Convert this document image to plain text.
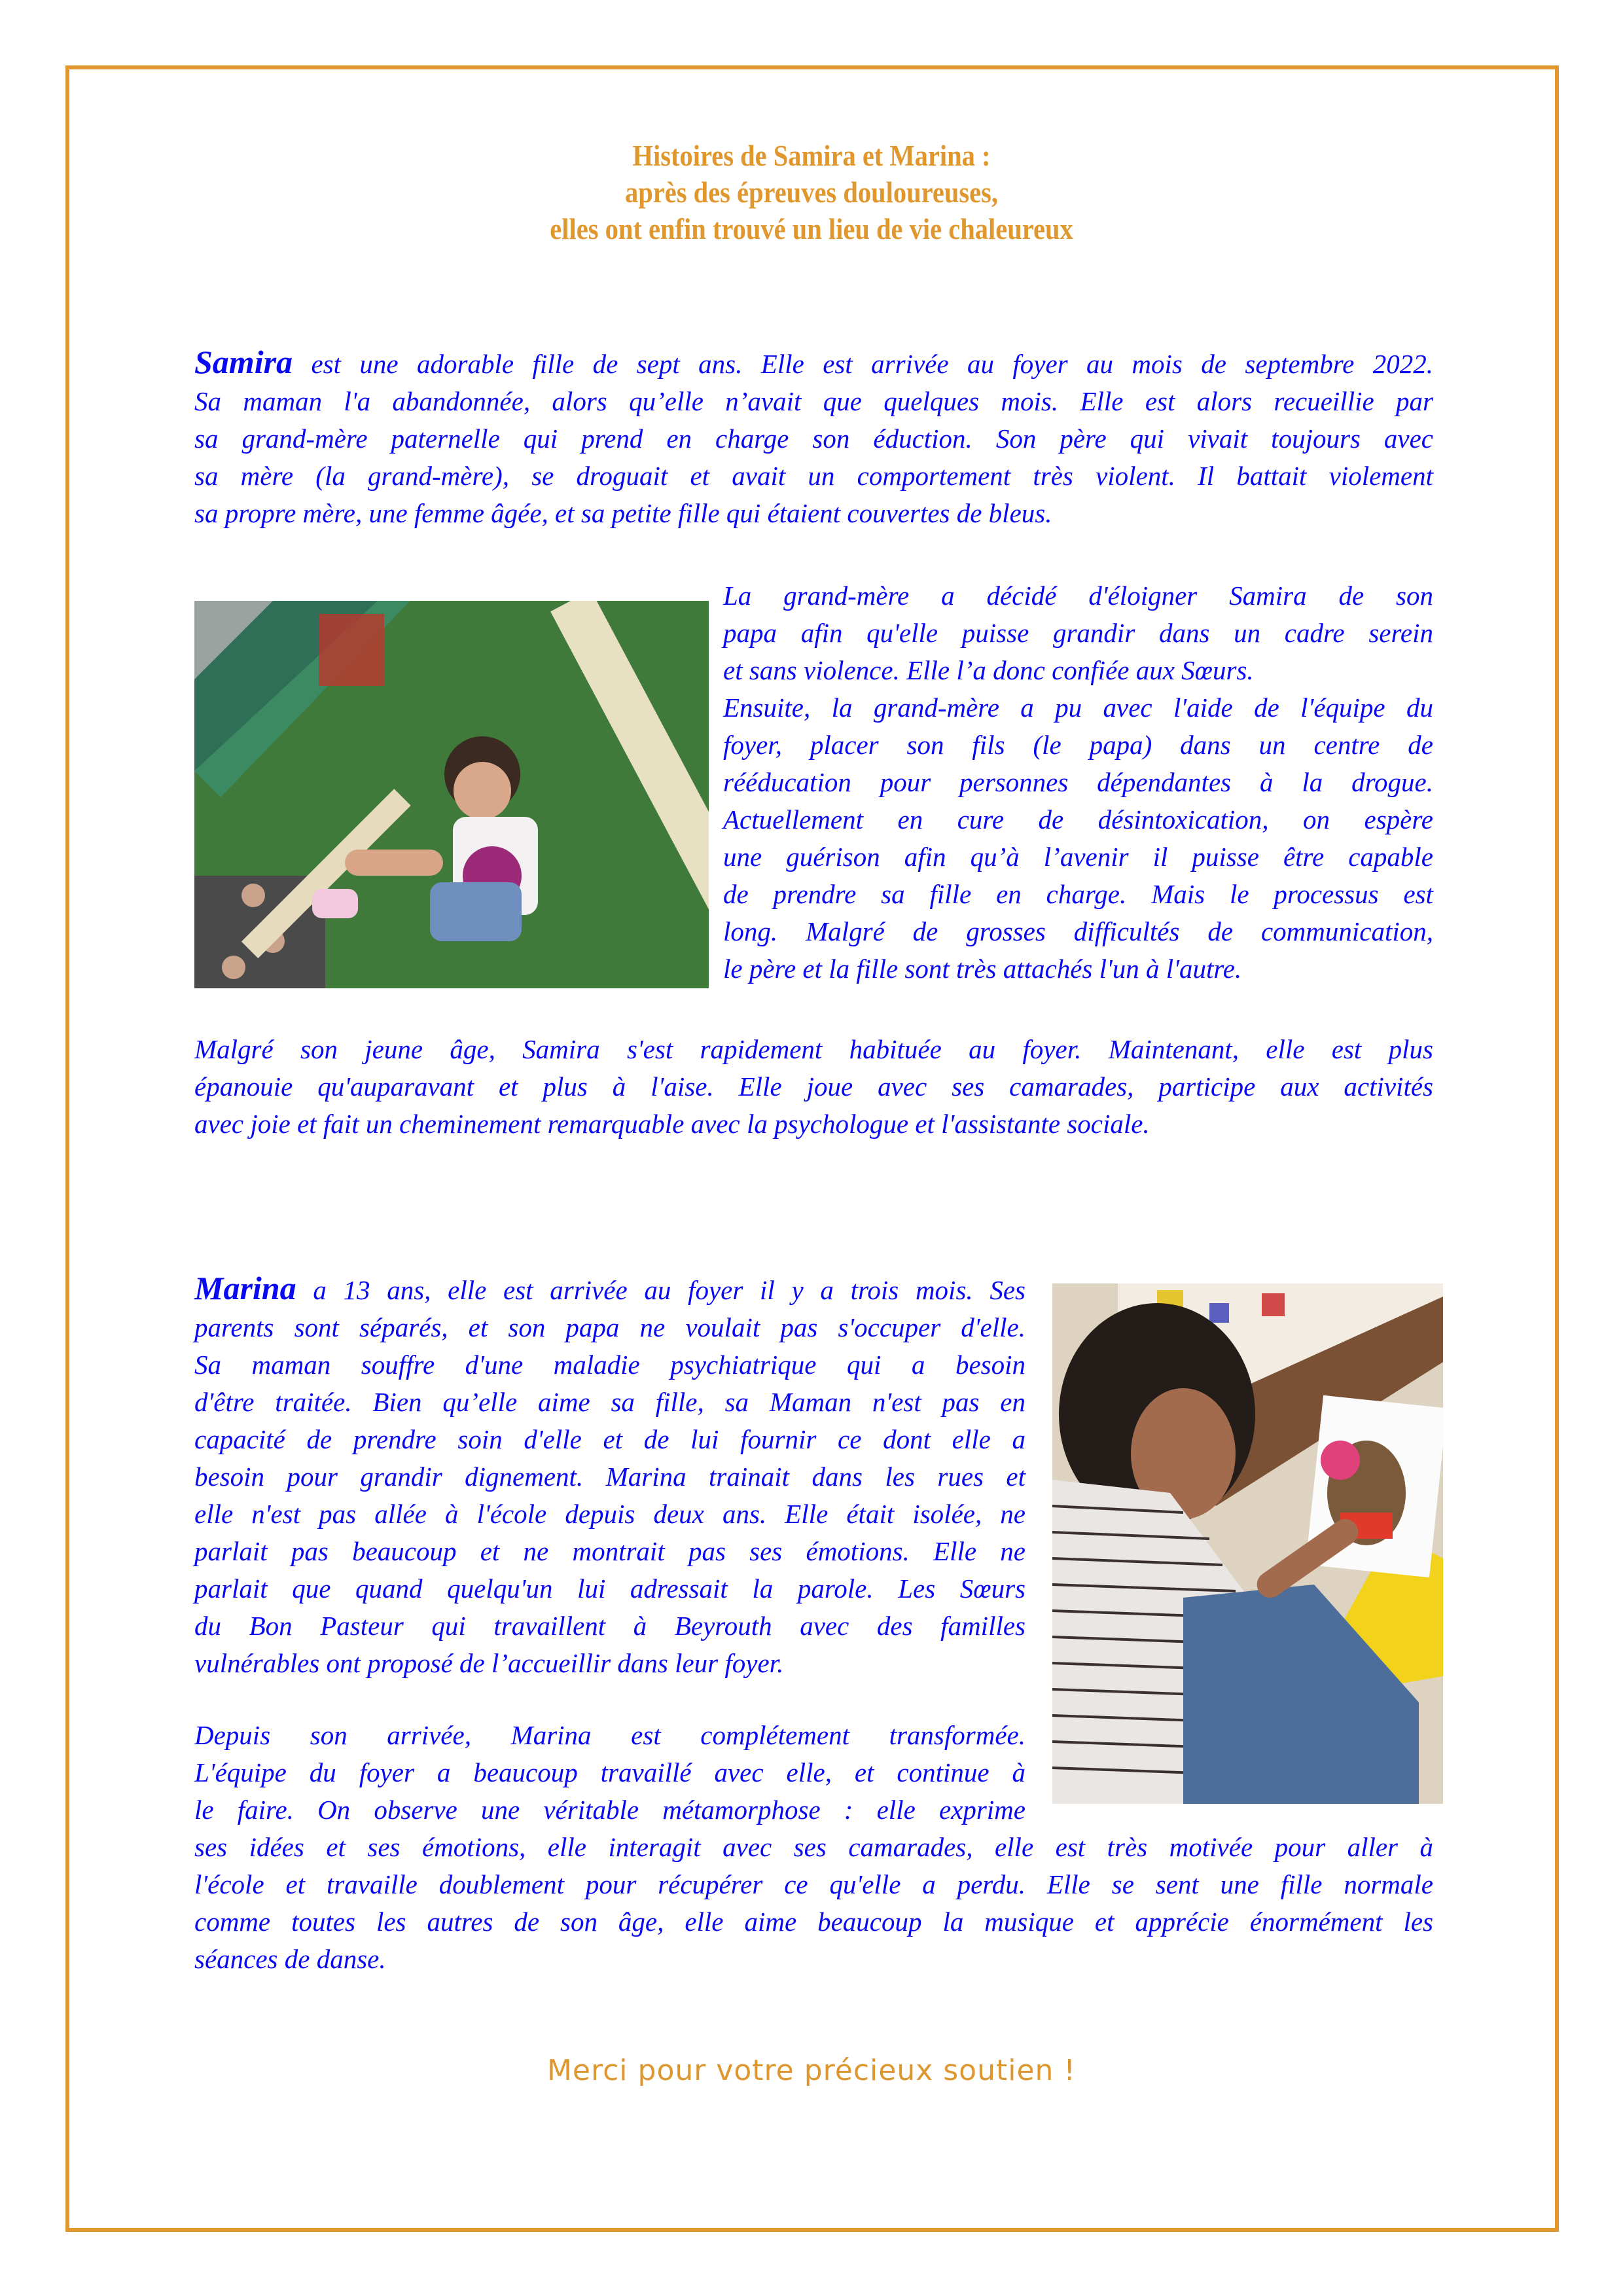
Histoires de Samira et Marina :
après des épreuves douloureuses,
elles ont enfin trouvé un lieu de vie chaleureux
Samira est une adorable fille de sept ans. Elle est arrivée au foyer au mois de septembre 2022.
Sa maman l'a abandonnée, alors qu’elle n’avait que quelques mois. Elle est alors recueillie par
sa grand-mère paternelle qui prend en charge son éduction. Son père qui vivait toujours avec
sa mère (la grand-mère), se droguait et avait un comportement très violent. Il battait violement
sa propre mère, une femme âgée, et sa petite fille qui étaient couvertes de bleus.
La grand-mère a décidé d'éloigner Samira de son
papa afin qu'elle puisse grandir dans un cadre serein
et sans violence. Elle l’a donc confiée aux Sœurs.
Ensuite, la grand-mère a pu avec l'aide de l'équipe du
foyer, placer son fils (le papa) dans un centre de
rééducation pour personnes dépendantes à la drogue.
Actuellement en cure de désintoxication, on espère
une guérison afin qu’à l’avenir il puisse être capable
de prendre sa fille en charge. Mais le processus est
long. Malgré de grosses difficultés de communication,
le père et la fille sont très attachés l'un à l'autre.
Malgré son jeune âge, Samira s'est rapidement habituée au foyer. Maintenant, elle est plus
épanouie qu'auparavant et plus à l'aise. Elle joue avec ses camarades, participe aux activités
avec joie et fait un cheminement remarquable avec la psychologue et l'assistante sociale.
Marina a 13 ans, elle est arrivée au foyer il y a trois mois. Ses
parents sont séparés, et son papa ne voulait pas s'occuper d'elle.
Sa maman souffre d'une maladie psychiatrique qui a besoin
d'être traitée. Bien qu’elle aime sa fille, sa Maman n'est pas en
capacité de prendre soin d'elle et de lui fournir ce dont elle a
besoin pour grandir dignement. Marina trainait dans les rues et
elle n'est pas allée à l'école depuis deux ans. Elle était isolée, ne
parlait pas beaucoup et ne montrait pas ses émotions. Elle ne
parlait que quand quelqu'un lui adressait la parole. Les Sœurs
du Bon Pasteur qui travaillent à Beyrouth avec des familles
vulnérables ont proposé de l’accueillir dans leur foyer.
Depuis son arrivée, Marina est complétement transformée.
L'équipe du foyer a beaucoup travaillé avec elle, et continue à
le faire. On observe une véritable métamorphose : elle exprime
ses idées et ses émotions, elle interagit avec ses camarades, elle est très motivée pour aller à
l'école et travaille doublement pour récupérer ce qu'elle a perdu. Elle se sent une fille normale
comme toutes les autres de son âge, elle aime beaucoup la musique et apprécie énormément les
séances de danse.
Merci pour votre précieux soutien !
